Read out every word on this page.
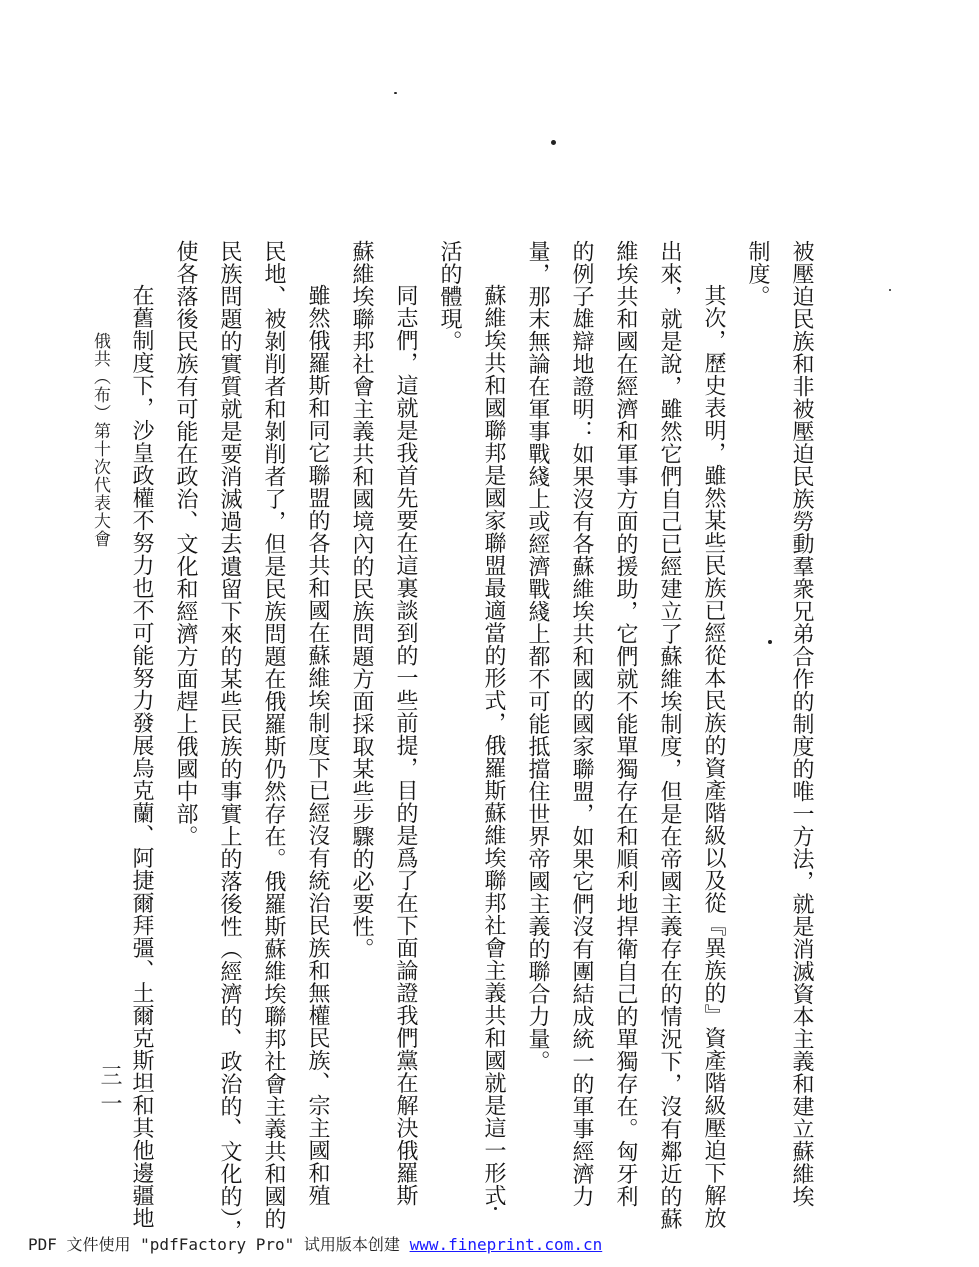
被壓迫民族和非被壓迫民族勞動羣衆兄弟合作的制度的唯一方法，就是消滅資本主義和建立蘇維埃
制度。
其次，歷史表明，雖然某些民族已經從本民族的資產階級以及從『異族的』資產階級壓迫下解放
出來，就是說，雖然它們自己已經建立了蘇維埃制度，但是在帝國主義存在的情況下，沒有鄰近的蘇
維埃共和國在經濟和軍事方面的援助，它們就不能單獨存在和順利地捍衛自己的單獨存在。匈牙利
的例子雄辯地證明：如果沒有各蘇維埃共和國的國家聯盟，如果它們沒有團結成統一的軍事經濟力
量，那末無論在軍事戰綫上或經濟戰綫上都不可能抵擋住世界帝國主義的聯合力量。
蘇維埃共和國聯邦是國家聯盟最適當的形式，俄羅斯蘇維埃聯邦社會主義共和國就是這一形式
活的體現。
同志們，這就是我首先要在這裏談到的一些前提，目的是爲了在下面論證我們黨在解決俄羅斯
蘇維埃聯邦社會主義共和國境內的民族問題方面採取某些步驟的必要性。
雖然俄羅斯和同它聯盟的各共和國在蘇維埃制度下已經沒有統治民族和無權民族、宗主國和殖
民地、被剝削者和剝削者了，但是民族問題在俄羅斯仍然存在。俄羅斯蘇維埃聯邦社會主義共和國的
民族問題的實質就是要消滅過去遺留下來的某些民族的事實上的落後性（經濟的、政治的、文化的），
使各落後民族有可能在政治、文化和經濟方面趕上俄國中部。
在舊制度下，沙皇政權不努力也不可能努力發展烏克蘭、阿捷爾拜彊、土爾克斯坦和其他邊疆地
俄共（布）第十次代表大會
三一
PDF 文件使用 "pdfFactory Pro" 试用版本创建 www.fineprint.com.cn
